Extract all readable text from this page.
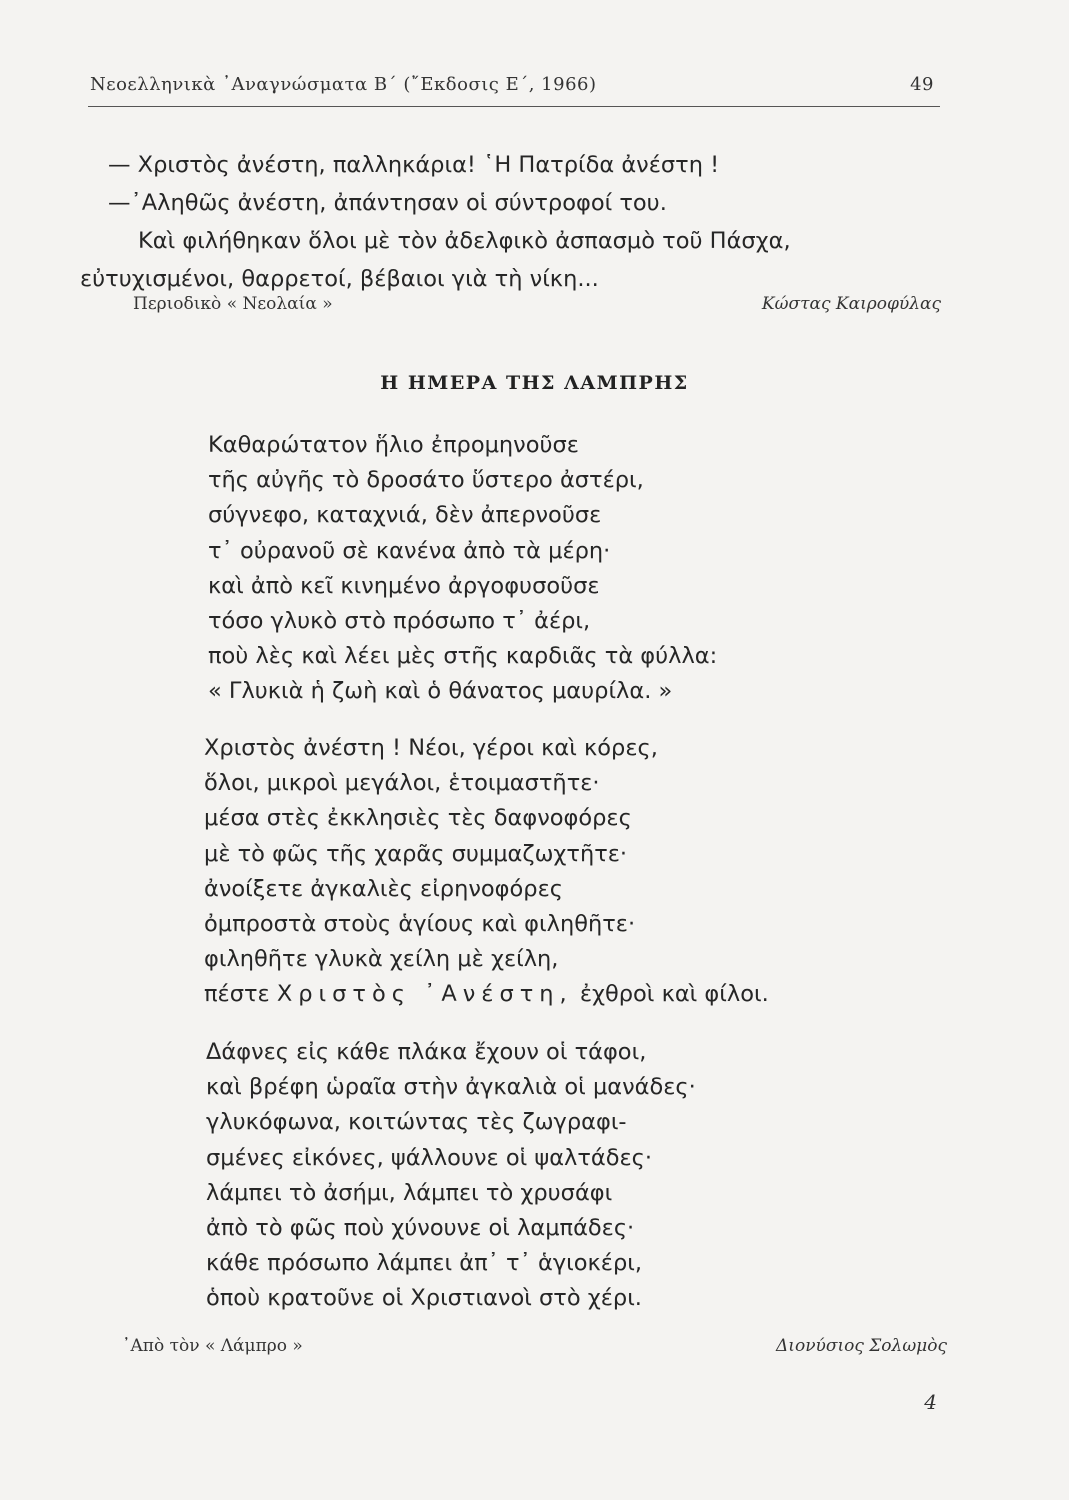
Νεοελληνικὰ ᾿Αναγνώσματα Β΄ (῎Εκδοσις Ε΄, 1966)	49
— Χριστὸς ἀνέστη, παλληκάρια! ῾Η Πατρίδα ἀνέστη !
—᾿Αληθῶς ἀνέστη, ἀπάντησαν οἱ σύντροφοί του.
Καὶ φιλήθηκαν ὅλοι μὲ τὸν ἀδελφικὸ ἀσπασμὸ τοῦ Πάσχα,
εὐτυχισμένοι, θαρρετοί, βέβαιοι γιὰ τὴ νίκη...
Περιοδικὸ « Νεολαία »	Κώστας Καιροφύλας
Η ΗΜΕΡΑ ΤΗΣ ΛΑΜΠΡΗΣ
Καθαρώτατον ἥλιο ἐπρομηνοῦσε
τῆς αὐγῆς τὸ δροσάτο ὕστερο ἀστέρι,
σύγνεφο, καταχνιά, δὲν ἀπερνοῦσε
τ᾿ οὐρανοῦ σὲ κανένα ἀπὸ τὰ μέρη·
καὶ ἀπὸ κεῖ κινημένο ἀργοφυσοῦσε
τόσο γλυκὸ στὸ πρόσωπο τ᾿ ἀέρι,
ποὺ λὲς καὶ λέει μὲς στῆς καρδιᾶς τὰ φύλλα:
« Γλυκιὰ ἡ ζωὴ καὶ ὁ θάνατος μαυρίλα. »
Χριστὸς ἀνέστη ! Νέοι, γέροι καὶ κόρες,
ὅλοι, μικροὶ μεγάλοι, ἑτοιμαστῆτε·
μέσα στὲς ἐκκλησιὲς τὲς δαφνοφόρες
μὲ τὸ φῶς τῆς χαρᾶς συμμαζωχτῆτε·
ἀνοίξετε ἀγκαλιὲς εἰρηνοφόρες
ὀμπροστὰ στοὺς ἁγίους καὶ φιληθῆτε·
φιληθῆτε γλυκὰ χείλη μὲ χείλη,
πέστε Χριστὸς ᾿Ανέστη, ἐχθροὶ καὶ φίλοι.
Δάφνες εἰς κάθε πλάκα ἔχουν οἱ τάφοι,
καὶ βρέφη ὡραῖα στὴν ἀγκαλιὰ οἱ μανάδες·
γλυκόφωνα, κοιτώντας τὲς ζωγραφι-
σμένες εἰκόνες, ψάλλουνε οἱ ψαλτάδες·
λάμπει τὸ ἀσήμι, λάμπει τὸ χρυσάφι
ἀπὸ τὸ φῶς ποὺ χύνουνε οἱ λαμπάδες·
κάθε πρόσωπο λάμπει ἀπ᾿ τ᾿ ἁγιοκέρι,
ὁποὺ κρατοῦνε οἱ Χριστιανοὶ στὸ χέρι.
᾿Απὸ τὸν « Λάμπρο »	Διονύσιος Σολωμὸς
4
